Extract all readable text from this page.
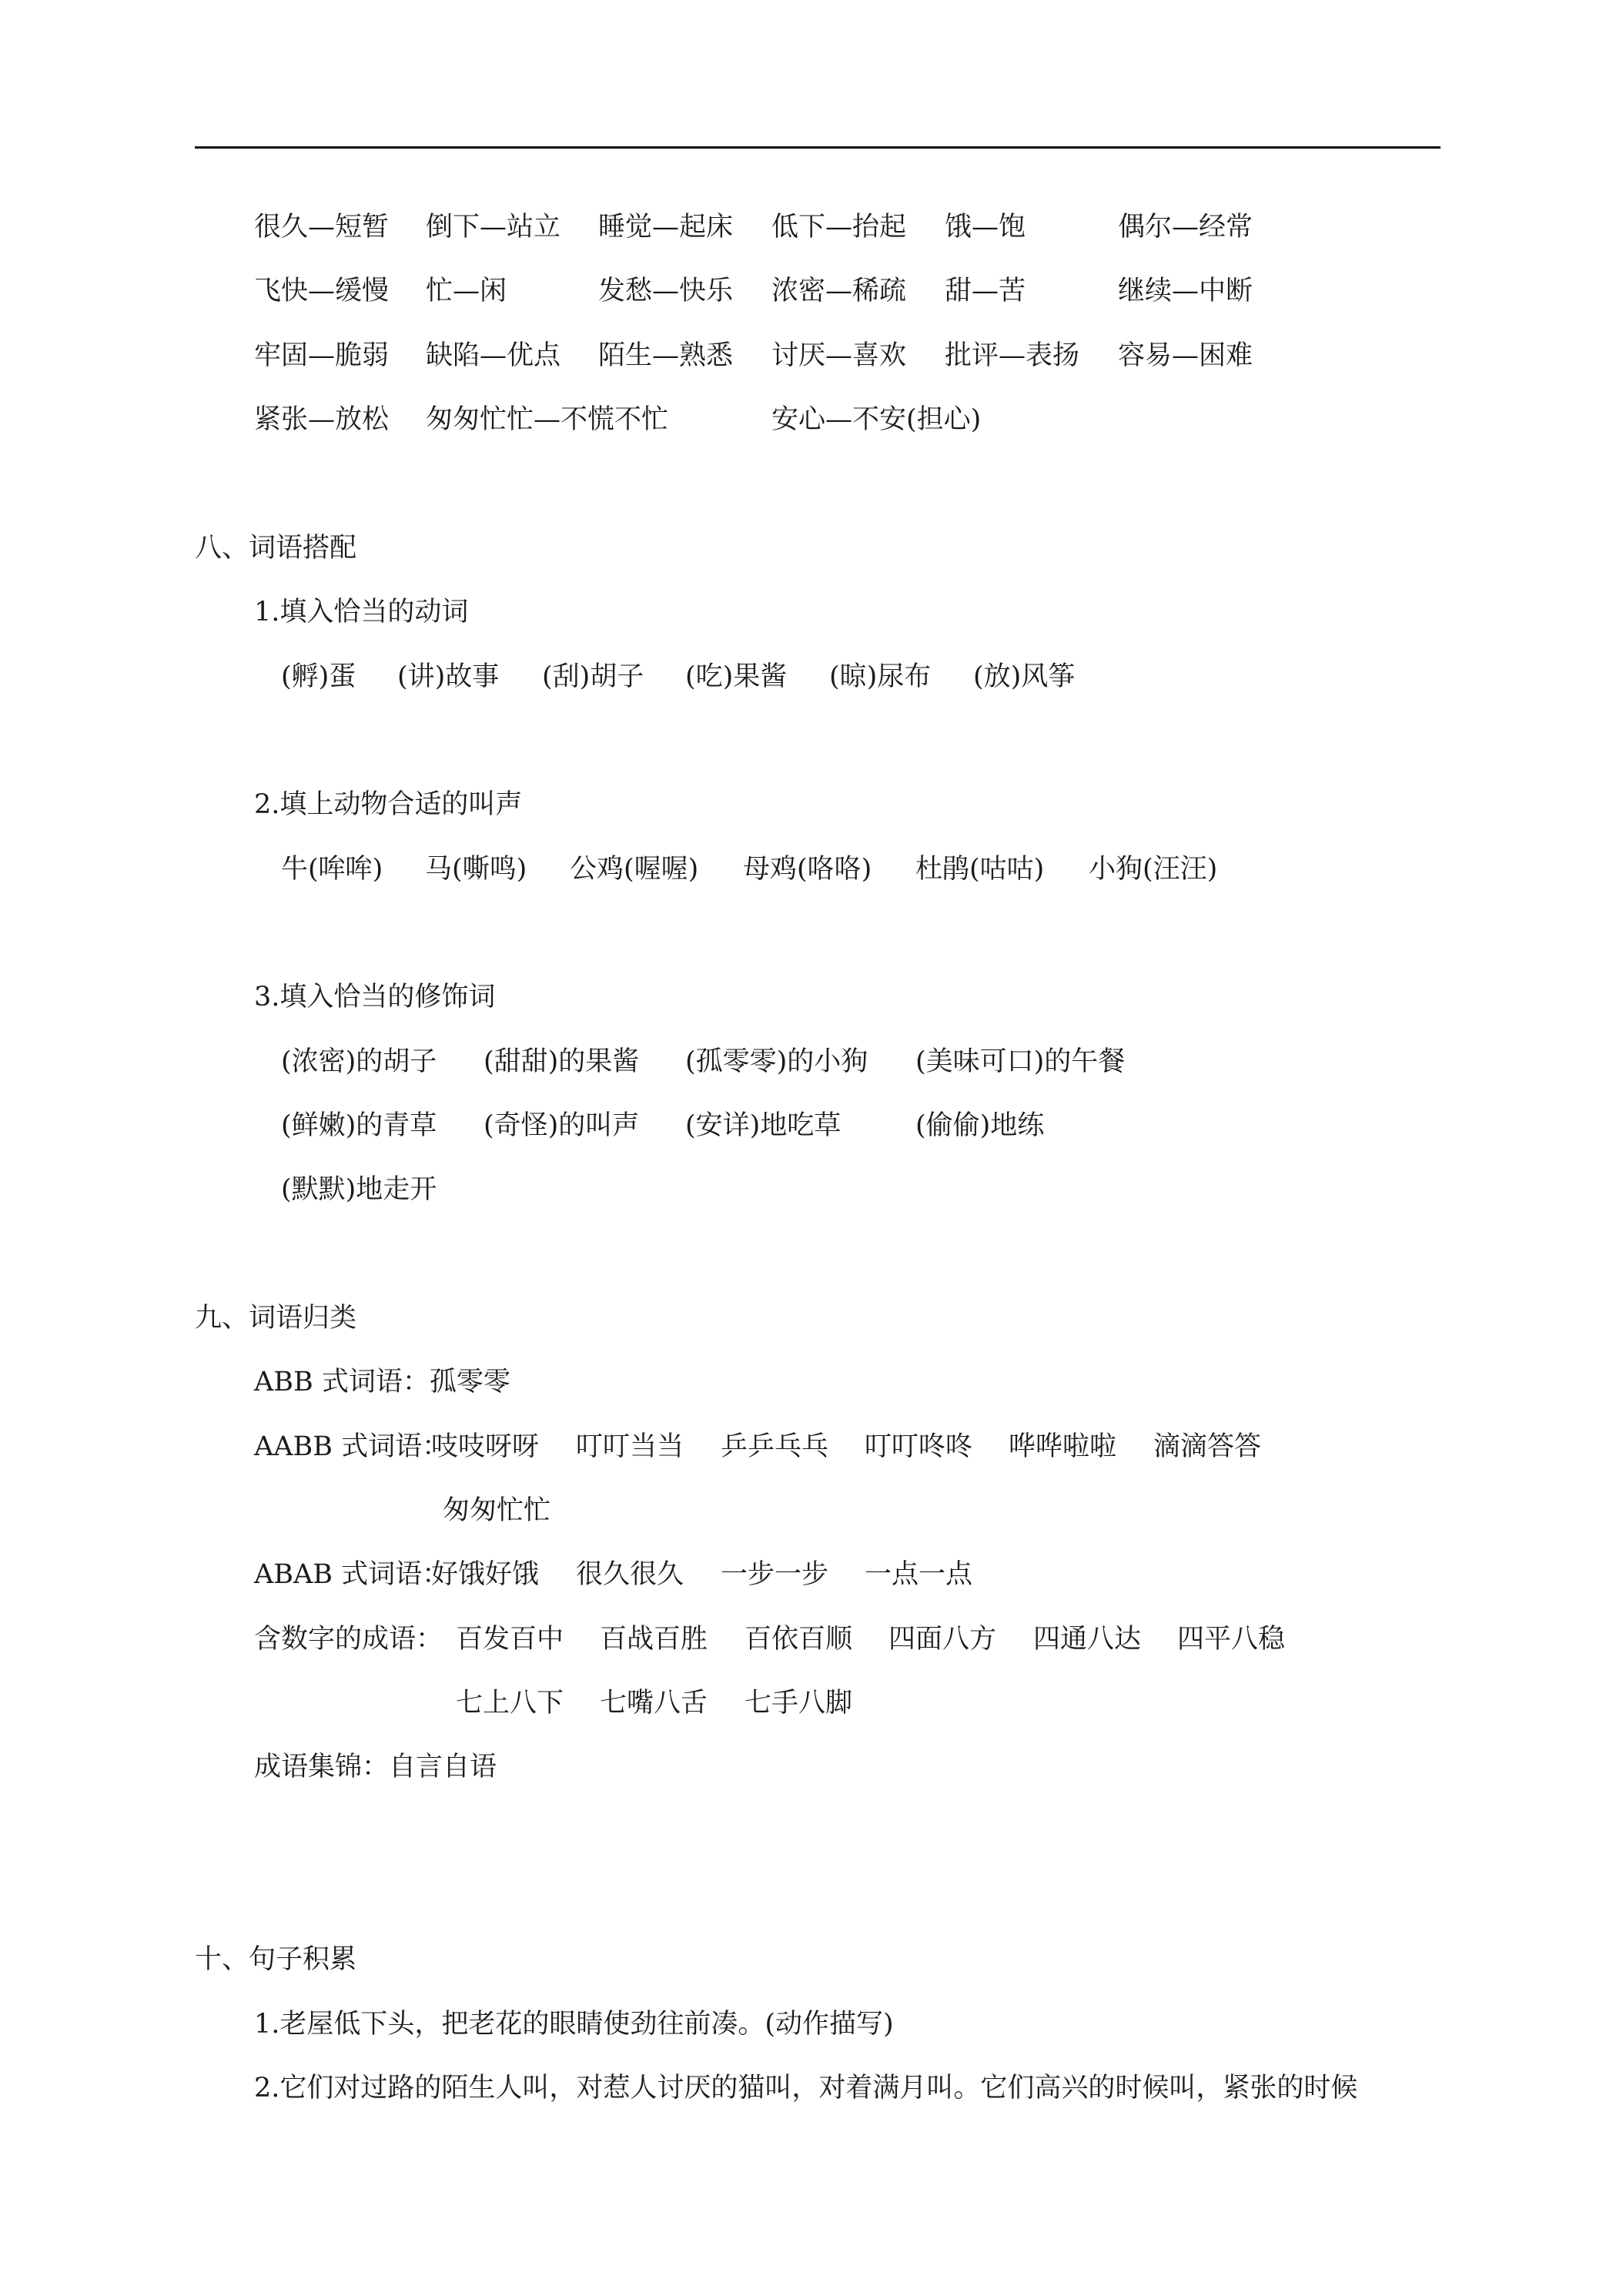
很久—短暂 倒下—站立 睡觉—起床 低下—抬起 饿—饱	偶尔—经常
飞快—缓慢 忙—闲	发愁—快乐 浓密—稀疏 甜—苦	继续—中断
牢固—脆弱 缺陷—优点 陌生—熟悉 讨厌—喜欢 批评—表扬 容易—困难
紧张—放松 匆匆忙忙—不慌不忙	安心—不安(担心)
八、词语搭配
1.填入恰当的动词
(孵)蛋 (讲)故事 (刮)胡子 (吃)果酱 (晾)尿布 (放)风筝
2.填上动物合适的叫声
牛(哞哞) 马(嘶鸣) 公鸡(喔喔) 母鸡(咯咯) 杜鹃(咕咕) 小狗(汪汪)
3.填入恰当的修饰词
(浓密)的胡子 (甜甜)的果酱 (孤零零)的小狗 (美味可口)的午餐
(鲜嫩)的青草 (奇怪)的叫声 (安详)地吃草	(偷偷)地练
(默默)地走开
九、词语归类
ABB 式词语：孤零零
AABB 式词语：
吱吱呀呀 叮叮当当 乒乒乓乓 叮叮咚咚 哗哗啦啦 滴滴答答
匆匆忙忙
ABAB 式词语：
好饿好饿 很久很久 一步一步 一点一点
含数字的成语： 百发百中 百战百胜 百依百顺 四面八方 四通八达 四平八稳
七上八下 七嘴八舌 七手八脚
成语集锦：自言自语
十、句子积累
1.老屋低下头，把老花的眼睛使劲往前凑。(动作描写)
2.它们对过路的陌生人叫，对惹人讨厌的猫叫，对着满月叫。它们高兴的时候叫，紧张的时候
